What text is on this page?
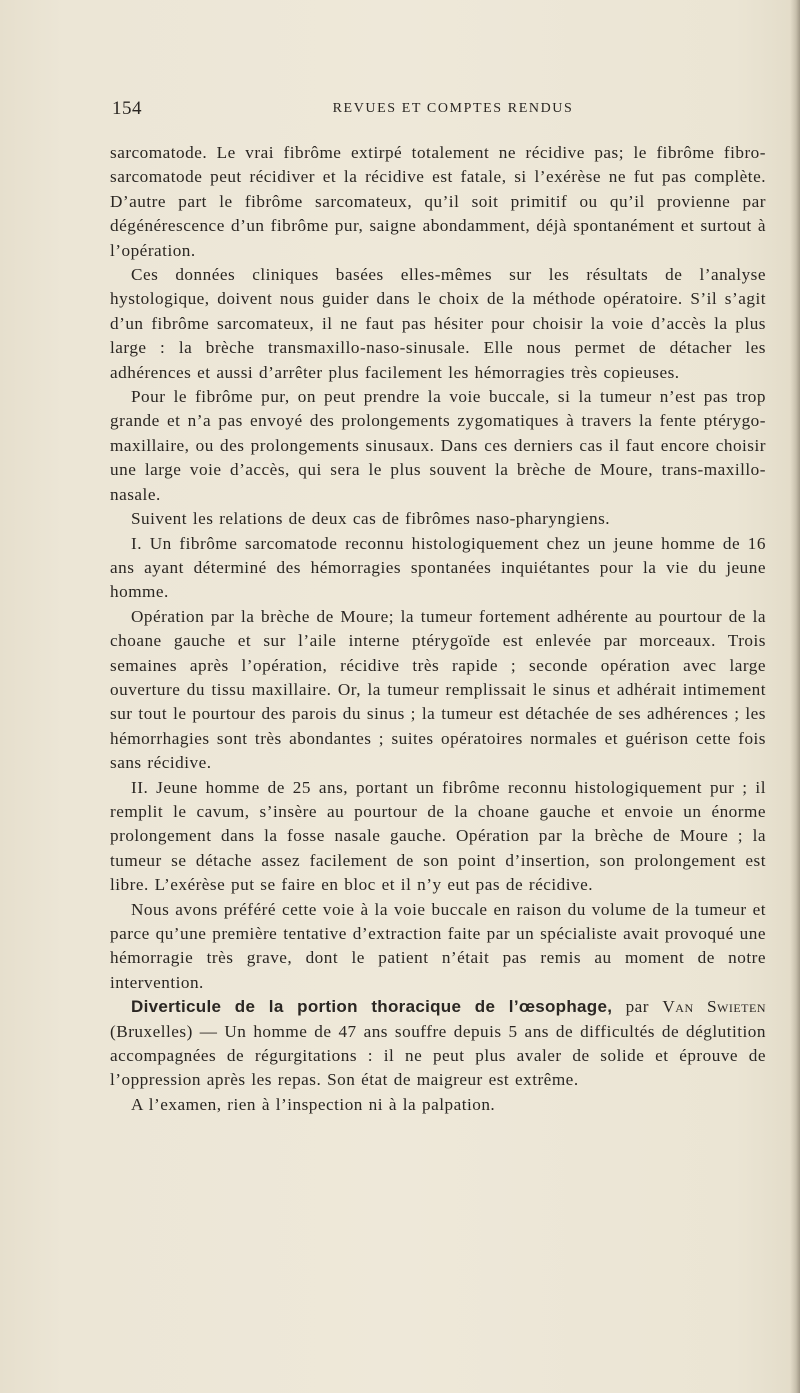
154	REVUES ET COMPTES RENDUS

sarcomatode. Le vrai fibrôme extirpé totalement ne récidive pas; le fibrôme fibro-sarcomatode peut récidiver et la récidive est fatale, si l’exérèse ne fut pas complète. D’autre part le fibrôme sarcomateux, qu’il soit primitif ou qu’il provienne par dégénérescence d’un fibrôme pur, saigne abondamment, déjà spontanément et surtout à l’opération.

Ces données cliniques basées elles-mêmes sur les résultats de l’analyse hystologique, doivent nous guider dans le choix de la méthode opératoire. S’il s’agit d’un fibrôme sarcomateux, il ne faut pas hésiter pour choisir la voie d’accès la plus large : la brèche transmaxillo-naso-sinusale. Elle nous permet de détacher les adhérences et aussi d’arrêter plus facilement les hémorragies très copieuses.

Pour le fibrôme pur, on peut prendre la voie buccale, si la tumeur n’est pas trop grande et n’a pas envoyé des prolongements zygomatiques à travers la fente ptérygo-maxillaire, ou des prolongements sinusaux. Dans ces derniers cas il faut encore choisir une large voie d’accès, qui sera le plus souvent la brèche de Moure, trans-maxillo-nasale.

Suivent les relations de deux cas de fibrômes naso-pharyngiens.

I. Un fibrôme sarcomatode reconnu histologiquement chez un jeune homme de 16 ans ayant déterminé des hémorragies spontanées inquiétantes pour la vie du jeune homme.

Opération par la brèche de Moure; la tumeur fortement adhérente au pourtour de la choane gauche et sur l’aile interne ptérygoïde est enlevée par morceaux. Trois semaines après l’opération, récidive très rapide ; seconde opération avec large ouverture du tissu maxillaire. Or, la tumeur remplissait le sinus et adhérait intimement sur tout le pourtour des parois du sinus ; la tumeur est détachée de ses adhérences ; les hémorrhagies sont très abondantes ; suites opératoires normales et guérison cette fois sans récidive.

II. Jeune homme de 25 ans, portant un fibrôme reconnu histologiquement pur ; il remplit le cavum, s’insère au pourtour de la choane gauche et envoie un énorme prolongement dans la fosse nasale gauche. Opération par la brèche de Moure ; la tumeur se détache assez facilement de son point d’insertion, son prolongement est libre. L’exérèse put se faire en bloc et il n’y eut pas de récidive.

Nous avons préféré cette voie à la voie buccale en raison du volume de la tumeur et parce qu’une première tentative d’extraction faite par un spécialiste avait provoqué une hémorragie très grave, dont le patient n’était pas remis au moment de notre intervention.

Diverticule de la portion thoracique de l’œsophage, par Van Swieten (Bruxelles) — Un homme de 47 ans souffre depuis 5 ans de difficultés de déglutition accompagnées de régurgitations : il ne peut plus avaler de solide et éprouve de l’oppression après les repas. Son état de maigreur est extrême.

A l’examen, rien à l’inspection ni à la palpation.
